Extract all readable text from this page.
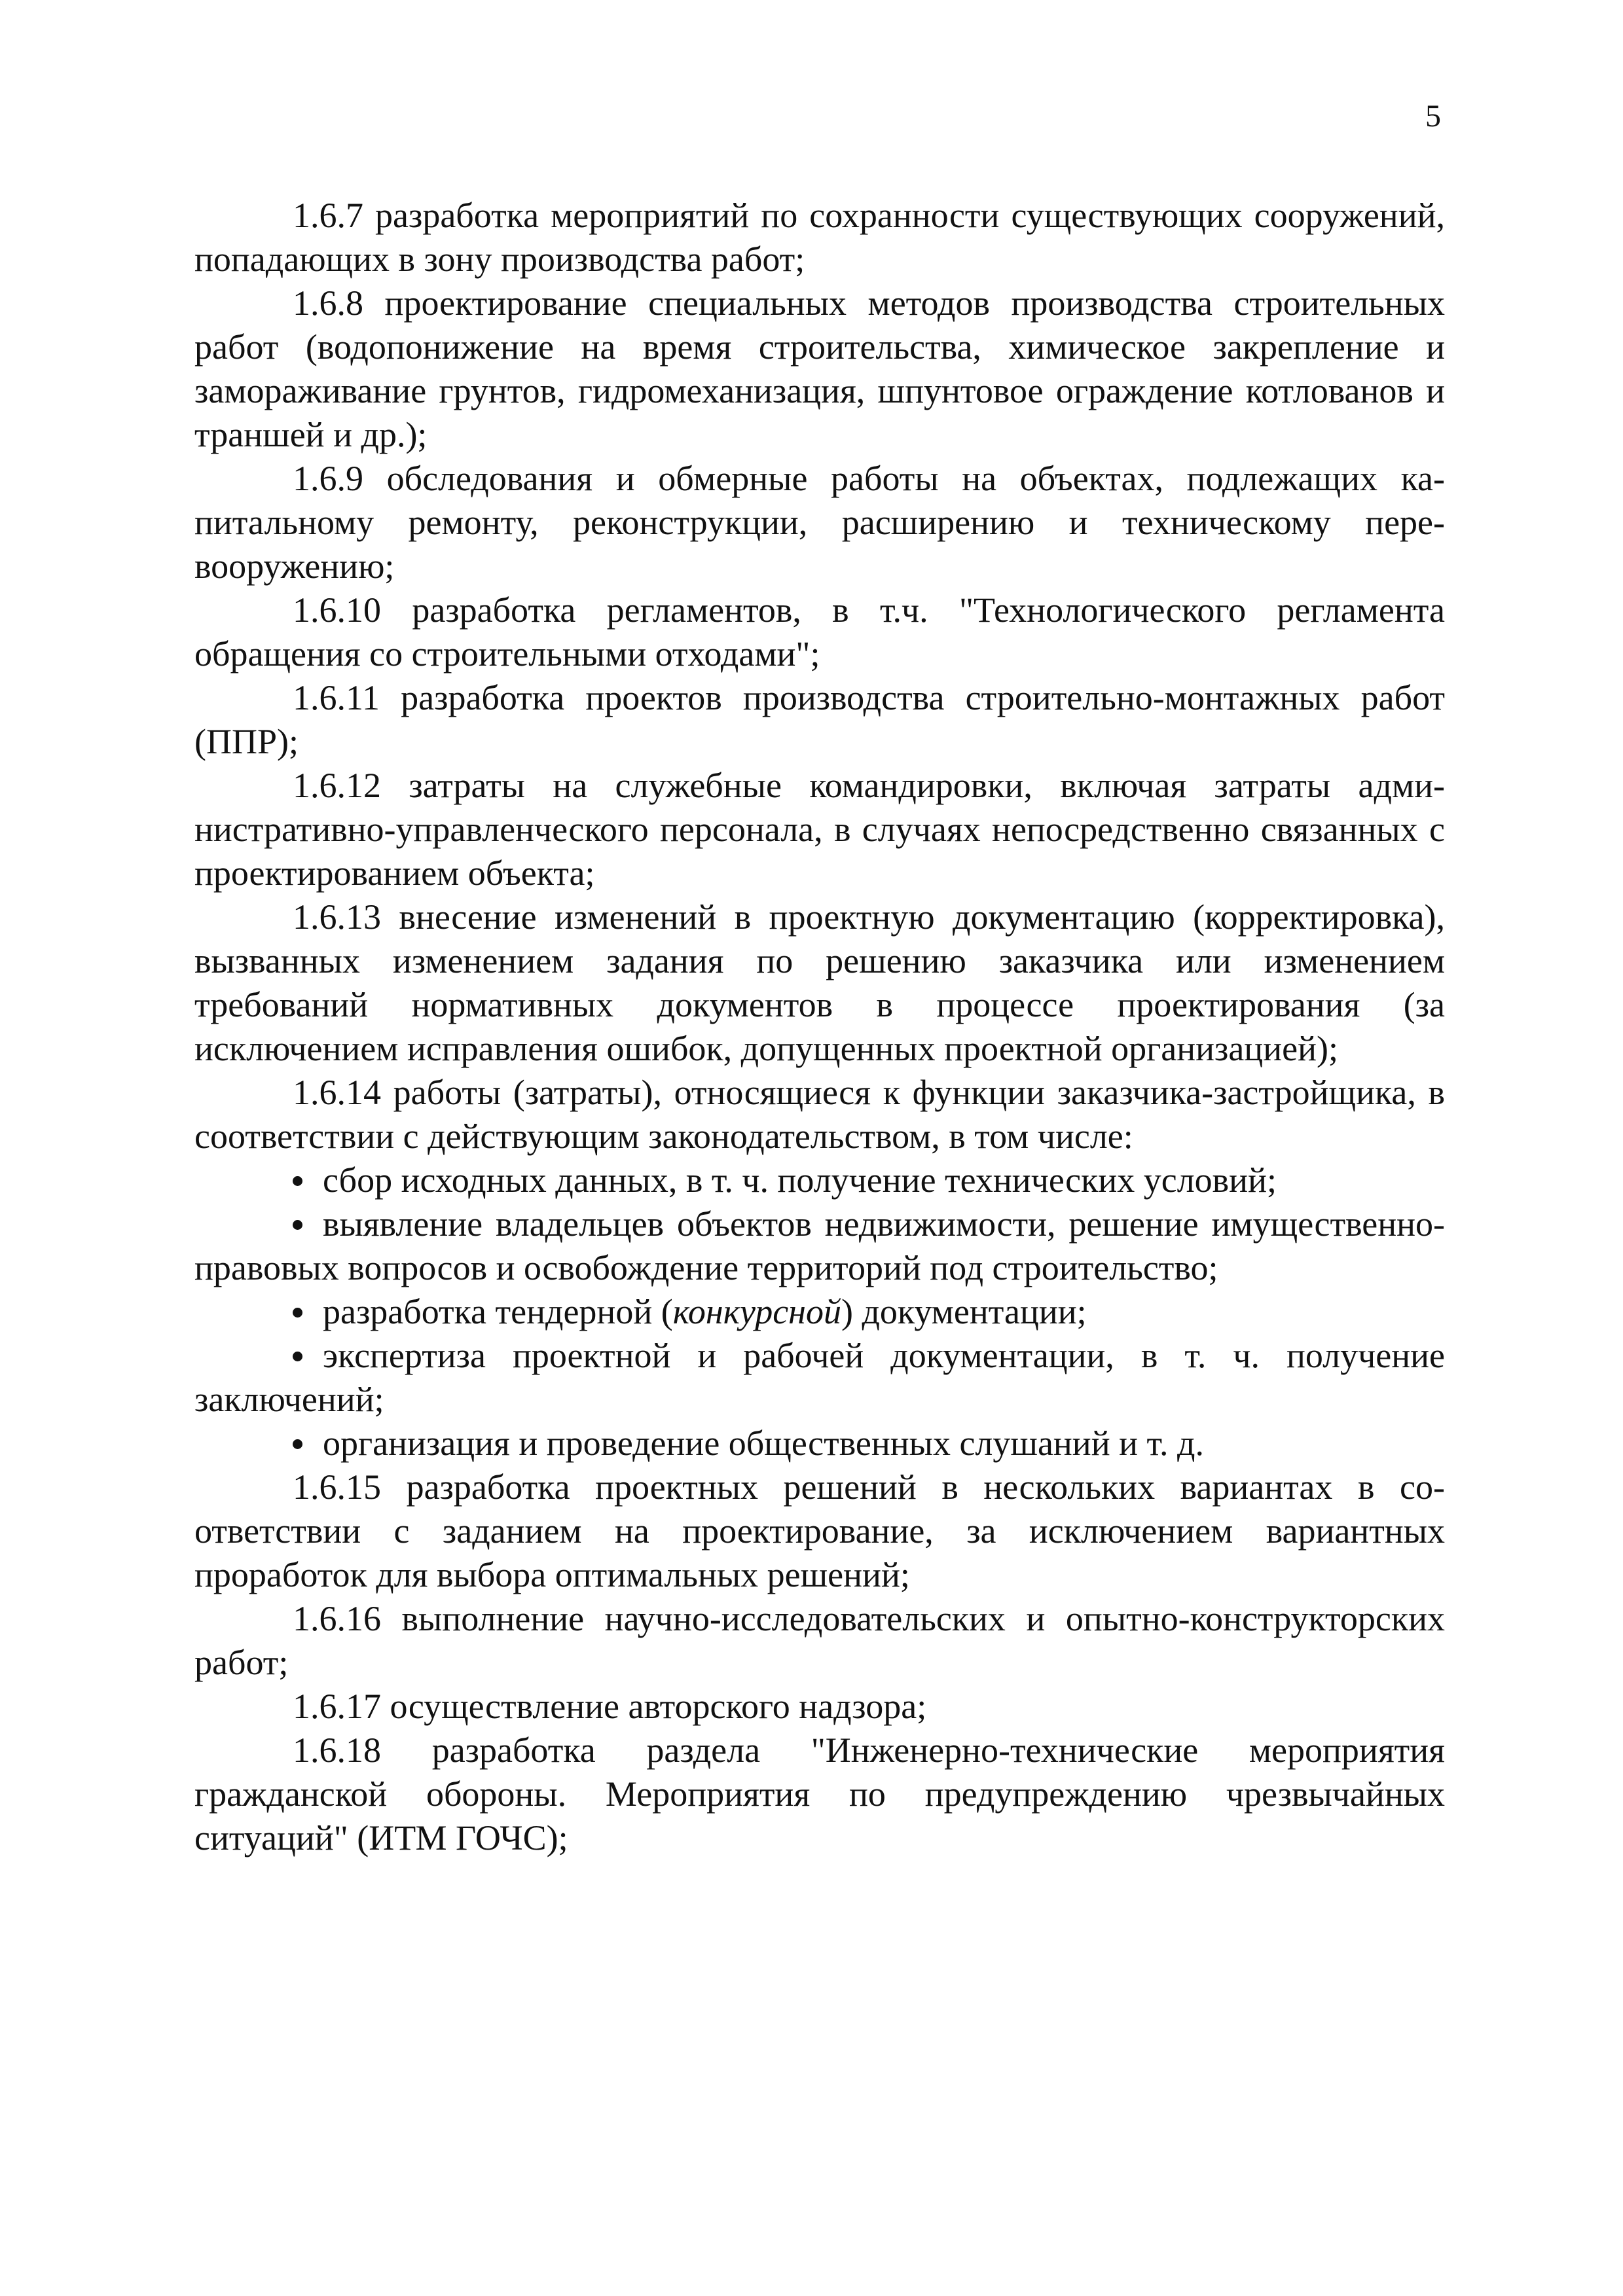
5

1.6.7 разработка мероприятий по сохранности существующих сооружений, попадающих в зону производства работ;

1.6.8 проектирование специальных методов производства строительных работ (водопонижение на время строительства, химическое закрепление и замораживание грунтов, гидромеханизация, шпунтовое ограждение котлованов и траншей и др.);

1.6.9 обследования и обмерные работы на объектах, подлежащих капитальному ремонту, реконструкции, расширению и техническому перевооружению;

1.6.10 разработка регламентов, в т.ч. "Технологического регламента обращения со строительными отходами";

1.6.11 разработка проектов производства строительно-монтажных работ (ППР);

1.6.12 затраты на служебные командировки, включая затраты административно-управленческого персонала, в случаях непосредственно связанных с проектированием объекта;

1.6.13 внесение изменений в проектную документацию (корректировка), вызванных изменением задания по решению заказчика или изменением требований нормативных документов в процессе проектирования (за исключением исправления ошибок, допущенных проектной организацией);

1.6.14 работы (затраты), относящиеся к функции заказчика-застройщика, в соответствии с действующим законодательством, в том числе:

сбор исходных данных, в т. ч. получение технических условий;

выявление владельцев объектов недвижимости, решение имущественно-правовых вопросов и освобождение территорий под строительство;

разработка тендерной (конкурсной) документации;

экспертиза проектной и рабочей документации, в т. ч. получение заключений;

организация и проведение общественных слушаний и т. д.

1.6.15 разработка проектных решений в нескольких вариантах в соответствии с заданием на проектирование, за исключением вариантных проработок для выбора оптимальных решений;

1.6.16 выполнение научно-исследовательских и опытно-конструкторских работ;

1.6.17 осуществление авторского надзора;

1.6.18 разработка раздела "Инженерно-технические мероприятия гражданской обороны. Мероприятия по предупреждению чрезвычайных ситуаций" (ИТМ ГОЧС);
